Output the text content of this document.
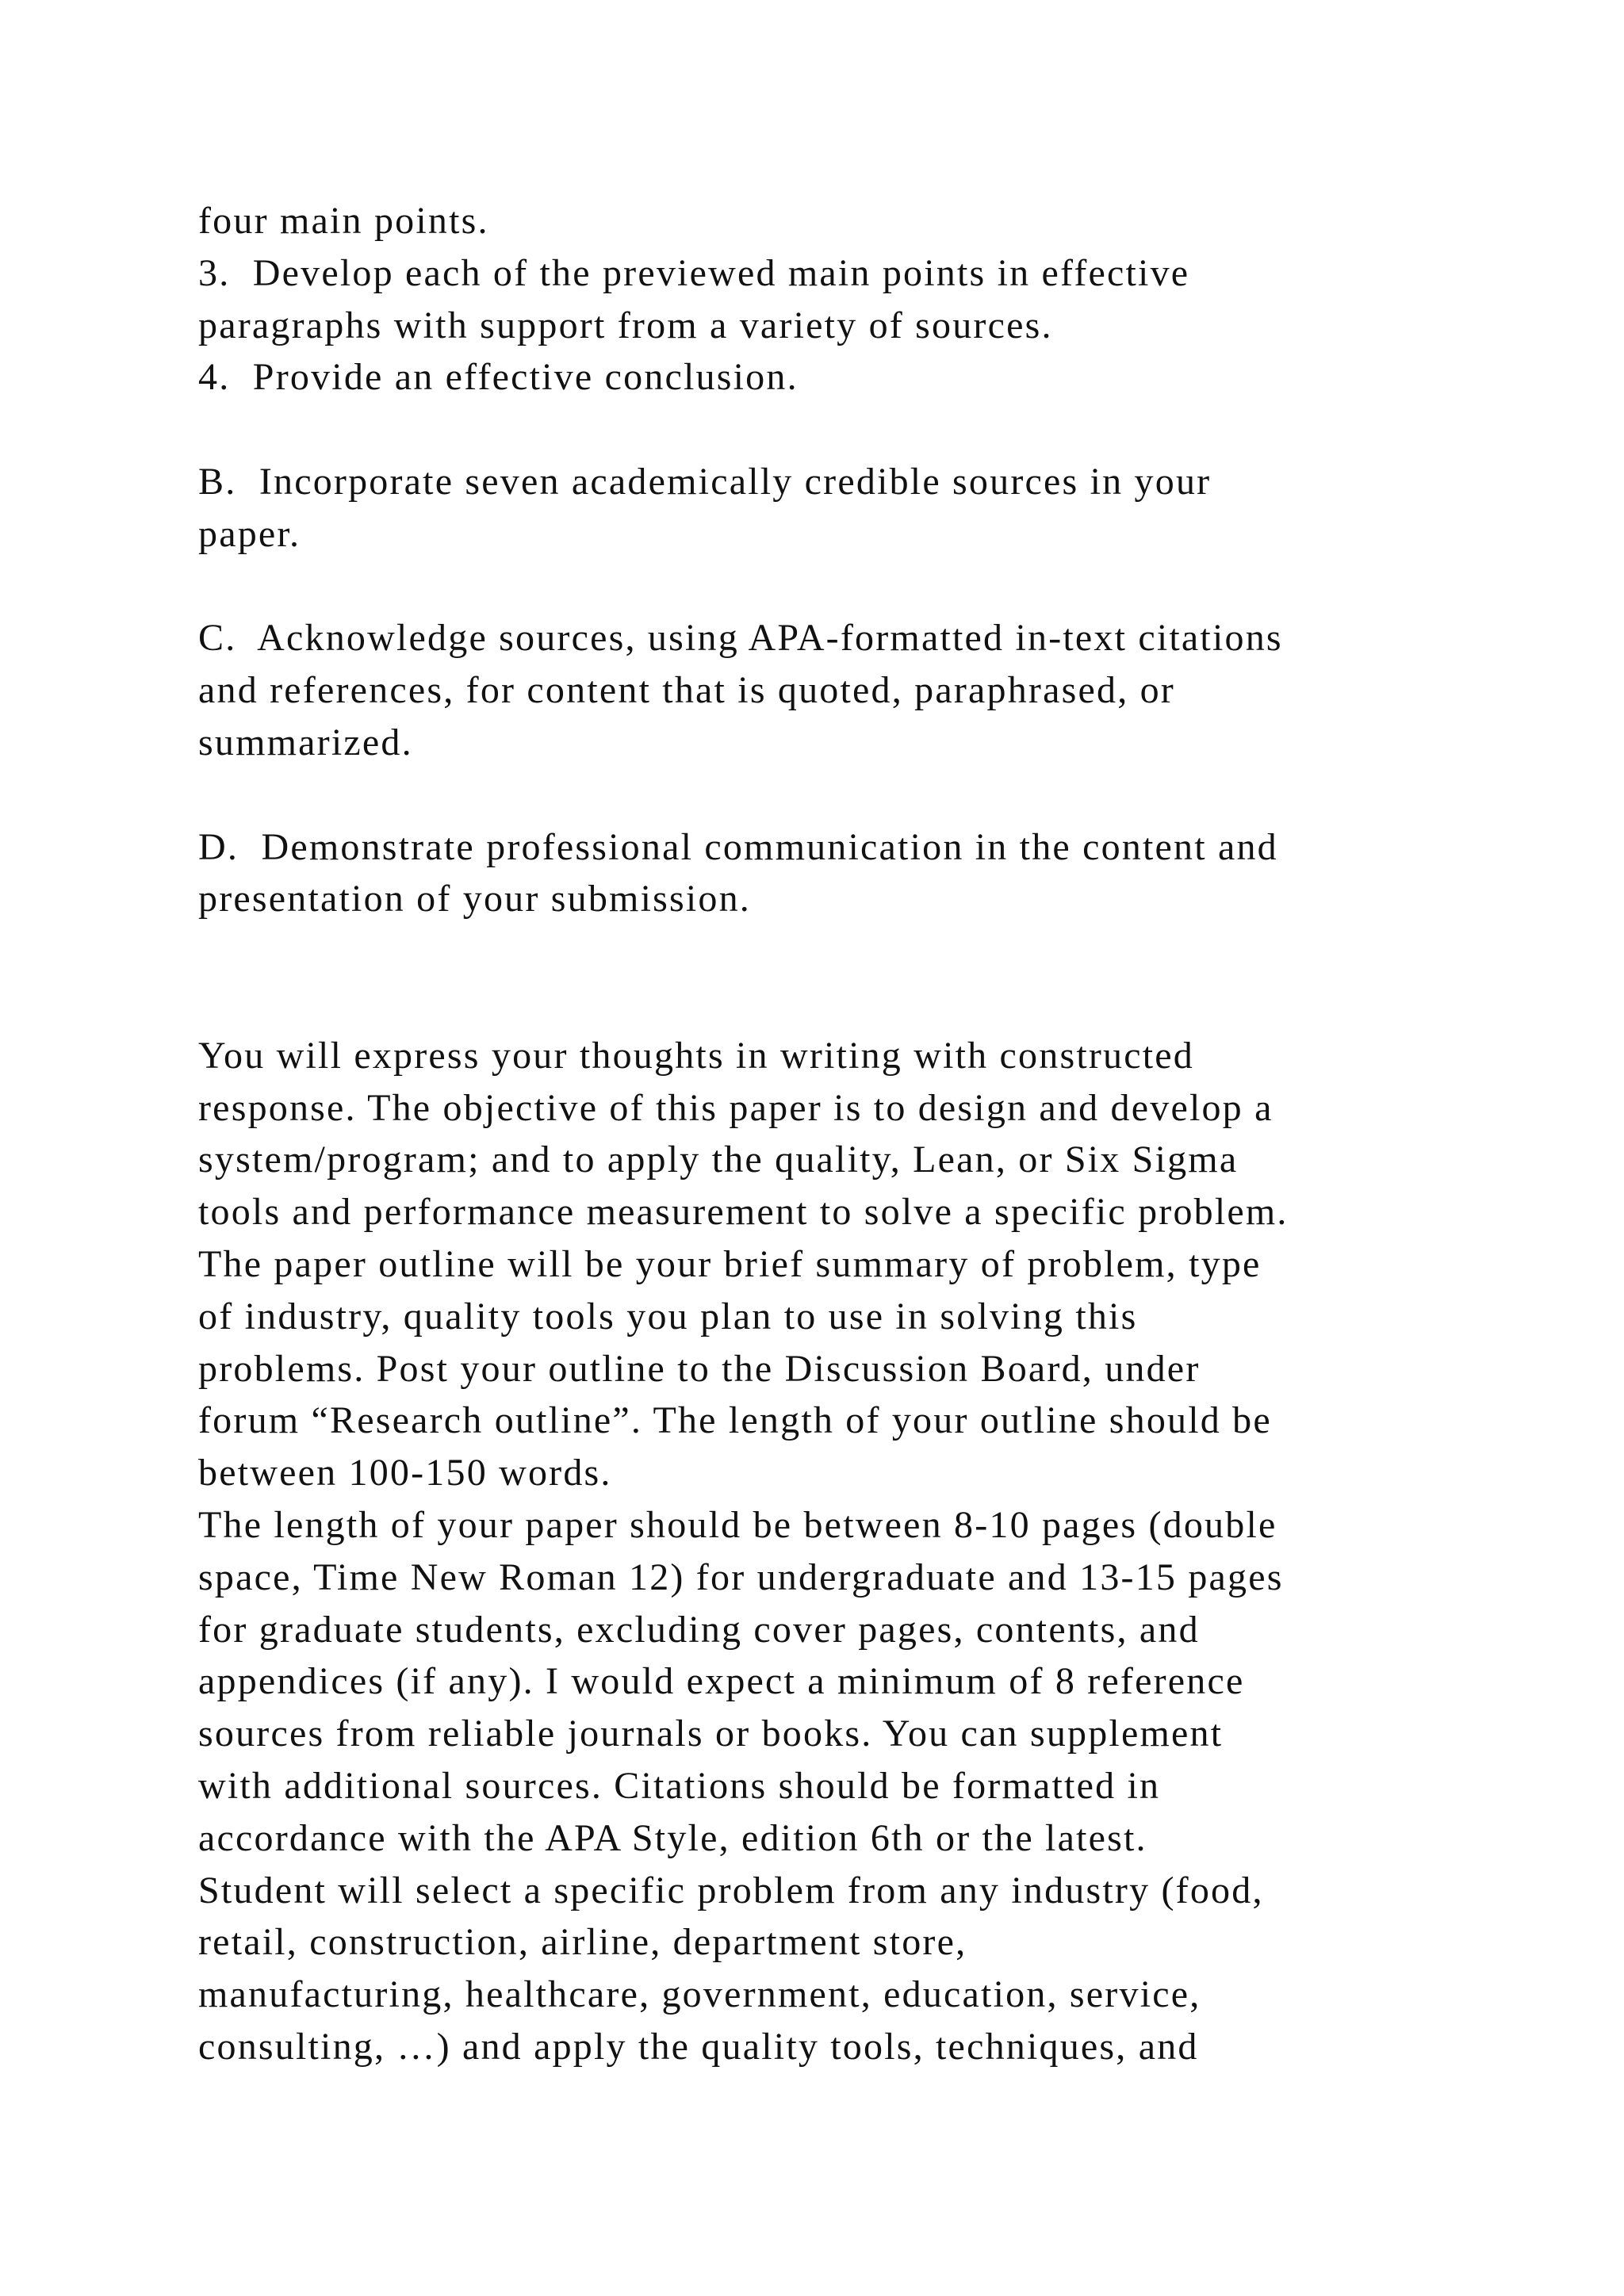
four main points.
3.  Develop each of the previewed main points in effective
paragraphs with support from a variety of sources.
4.  Provide an effective conclusion.
B.  Incorporate seven academically credible sources in your
paper.
C.  Acknowledge sources, using APA-formatted in-text citations
and references, for content that is quoted, paraphrased, or
summarized.
D.  Demonstrate professional communication in the content and
presentation of your submission.
You will express your thoughts in writing with constructed
response. The objective of this paper is to design and develop a
system/program; and to apply the quality, Lean, or Six Sigma
tools and performance measurement to solve a specific problem.
The paper outline will be your brief summary of problem, type
of industry, quality tools you plan to use in solving this
problems. Post your outline to the Discussion Board, under
forum “Research outline”. The length of your outline should be
between 100-150 words.
The length of your paper should be between 8-10 pages (double
space, Time New Roman 12) for undergraduate and 13-15 pages
for graduate students, excluding cover pages, contents, and
appendices (if any). I would expect a minimum of 8 reference
sources from reliable journals or books. You can supplement
with additional sources. Citations should be formatted in
accordance with the APA Style, edition 6th or the latest.
Student will select a specific problem from any industry (food,
retail, construction, airline, department store,
manufacturing, healthcare, government, education, service,
consulting, …) and apply the quality tools, techniques, and
